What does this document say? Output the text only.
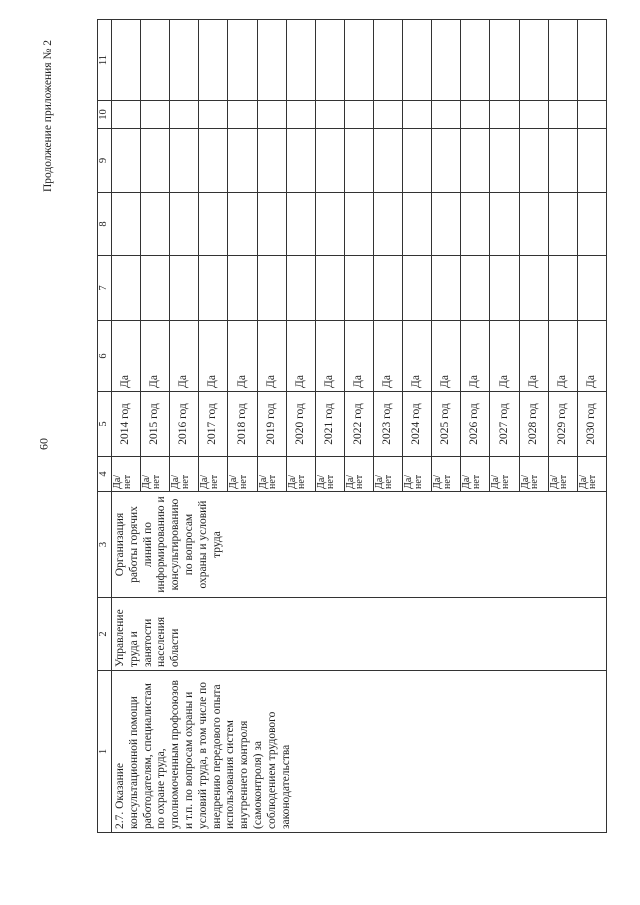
60
Продолжение приложения № 2
1	2	3	4	5	6	7	8	9	10	11
2.7. Оказание консультационной помощи работодателям, специалистам по охране труда, уполномоченным профсоюзов и т.п. по вопросам охраны и условий труда, в том числе по внедрению передового опыта использования систем внутреннего контроля (самоконтроля) за соблюдением трудового законодательства	Управление труда и занятости населения области	Организация работы горячих линий по информированию и консультированию по вопросам охраны и условий труда	Да/ нет	2014 год	Да					
			Да/ нет	2015 год	Да					
			Да/ нет	2016 год	Да					
			Да/ нет	2017 год	Да					
			Да/ нет	2018 год	Да					
			Да/ нет	2019 год	Да					
			Да/ нет	2020 год	Да					
			Да/ нет	2021 год	Да					
			Да/ нет	2022 год	Да					
			Да/ нет	2023 год	Да					
			Да/ нет	2024 год	Да					
			Да/ нет	2025 год	Да					
			Да/ нет	2026 год	Да					
			Да/ нет	2027 год	Да					
			Да/ нет	2028 год	Да					
			Да/ нет	2029 год	Да					
			Да/ нет	2030 год	Да					
